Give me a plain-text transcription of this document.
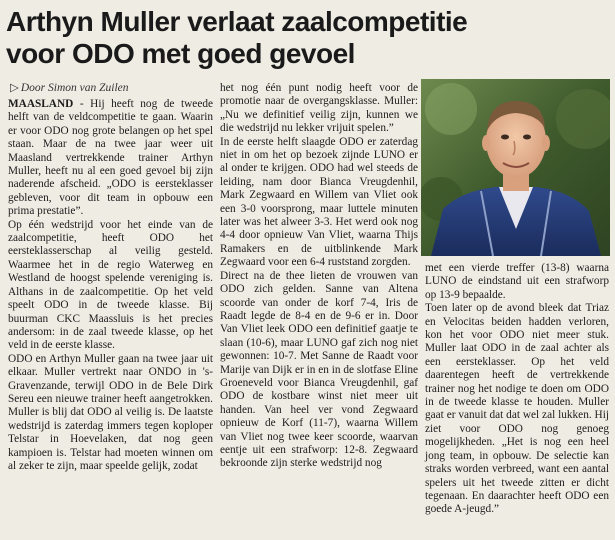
Arthyn Muller verlaat zaalcompetitie
voor ODO met goed gevoel
▷ Door Simon van Zuilen

MAASLAND - Hij heeft nog de tweede helft van de veldcompetitie te gaan. Waarin er voor ODO nog grote belangen op het spel staan. Maar de na twee jaar weer uit Maasland vertrekkende trainer Arthyn Muller, heeft nu al een goed gevoel bij zijn naderende afscheid. „ODO is eersteklasser gebleven, voor dit team in opbouw een prima prestatie”.

Op één wedstrijd voor het einde van de zaalcompetitie, heeft ODO het eersteklasserschap al veilig gesteld. Waarmee het in de regio Waterweg en Westland de hoogst spelende vereniging is. Althans in de zaalcompetitie. Op het veld speelt ODO in de tweede klasse. Bij buurman CKC Maassluis is het precies andersom: in de zaal tweede klasse, op het veld in de eerste klasse.

ODO en Arthyn Muller gaan na twee jaar uit elkaar. Muller vertrekt naar ONDO in 's-Gravenzande, terwijl ODO in de Bele Dirk Sereu een nieuwe trainer heeft aangetrokken. Muller is blij dat ODO al veilig is. De laatste wedstrijd is zaterdag immers tegen koploper Telstar in Hoevelaken, dat nog geen kampioen is. Telstar had moeten winnen om al zeker te zijn, maar speelde gelijk, zodat

het nog één punt nodig heeft voor de promotie naar de overgangsklasse. Muller: „Nu we definitief veilig zijn, kunnen we die wedstrijd nu lekker vrijuit spelen.”

In de eerste helft slaagde ODO er zaterdag niet in om het op bezoek zijnde LUNO er al onder te krijgen. ODO had wel steeds de leiding, nam door Bianca Vreugdenhil, Mark Zegwaard en Willem van Vliet ook een 3-0 voorsprong, maar luttele minuten later was het alweer 3-3. Het werd ook nog 4-4 door opnieuw Van Vliet, waarna Thijs Ramakers en de uitblinkende Mark Zegwaard voor een 6-4 ruststand zorgden.

Direct na de thee lieten de vrouwen van ODO zich gelden. Sanne van Altena scoorde van onder de korf 7-4, Iris de Raadt legde de 8-4 en de 9-6 er in. Door Van Vliet leek ODO een definitief gaatje te slaan (10-6), maar LUNO gaf zich nog niet gewonnen: 10-7. Met Sanne de Raadt voor Marije van Dijk er in en in de slotfase Eline Groeneveld voor Bianca Vreugdenhil, gaf ODO de kostbare winst niet meer uit handen. Van heel ver vond Zegwaard opnieuw de Korf (11-7), waarna Willem van Vliet nog twee keer scoorde, waarvan eentje uit een strafworp: 12-8. Zegwaard bekroonde zijn sterke wedstrijd nog

met een vierde treffer (13-8) waarna LUNO de eindstand uit een strafworp op 13-9 bepaalde.

Toen later op de avond bleek dat Triaz en Velocitas beiden hadden verloren, kon het voor ODO niet meer stuk. Muller laat ODO in de zaal achter als een eersteklasser. Op het veld daarentegen heeft de vertrekkende trainer nog het nodige te doen om ODO in de tweede klasse te houden. Muller gaat er vanuit dat dat wel zal lukken. Hij ziet voor ODO nog genoeg mogelijkheden. „Het is nog een heel jong team, in opbouw. De selectie kan straks worden verbreed, want een aantal spelers uit het tweede zitten er dicht tegenaan. En daarachter heeft ODO een goede A-jeugd.”
